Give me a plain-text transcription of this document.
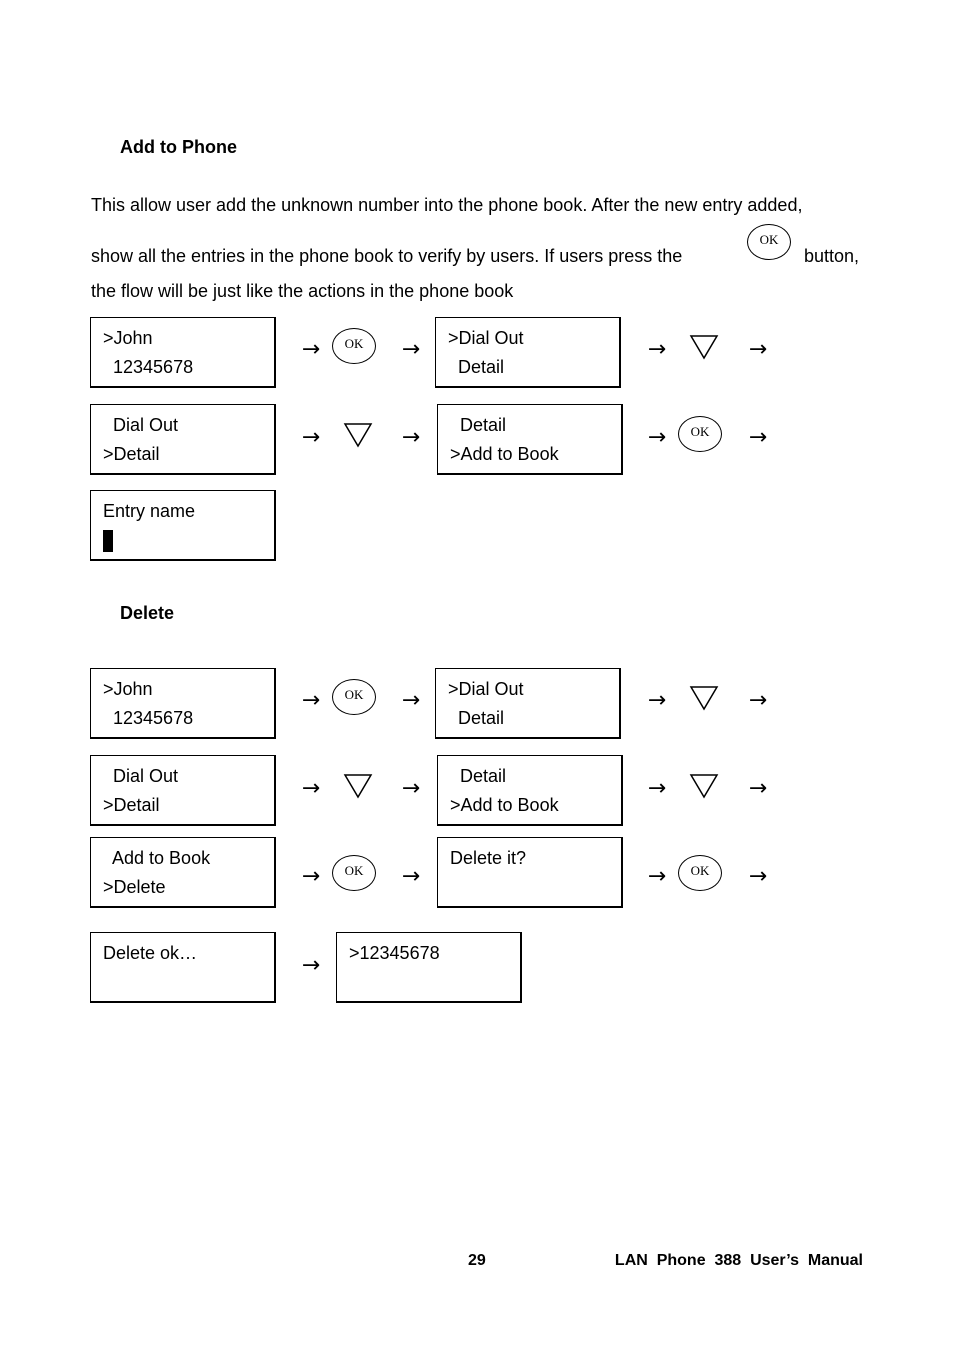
Add to Phone
This allow user add the unknown number into the phone book. After the new entry added,
show all the entries in the phone book to verify by users. If users press the
OK
button,
the flow will be just like the actions in the phone book
>John
12345678
→	OK	→	>Dial Out
Detail
→	→
Dial Out
>Detail
→	→	Detail
>Add to Book
→	OK	→
Entry name
Delete
>John
12345678
→	OK	→	>Dial Out
Detail
→	→
Dial Out
>Detail
→	→	Detail
>Add to Book
→	→
Add to Book
>Delete	→	OK	→
Delete it?
→	OK	→
Delete ok…	→	>12345678
29	LAN  Phone  388  User’s  Manual
